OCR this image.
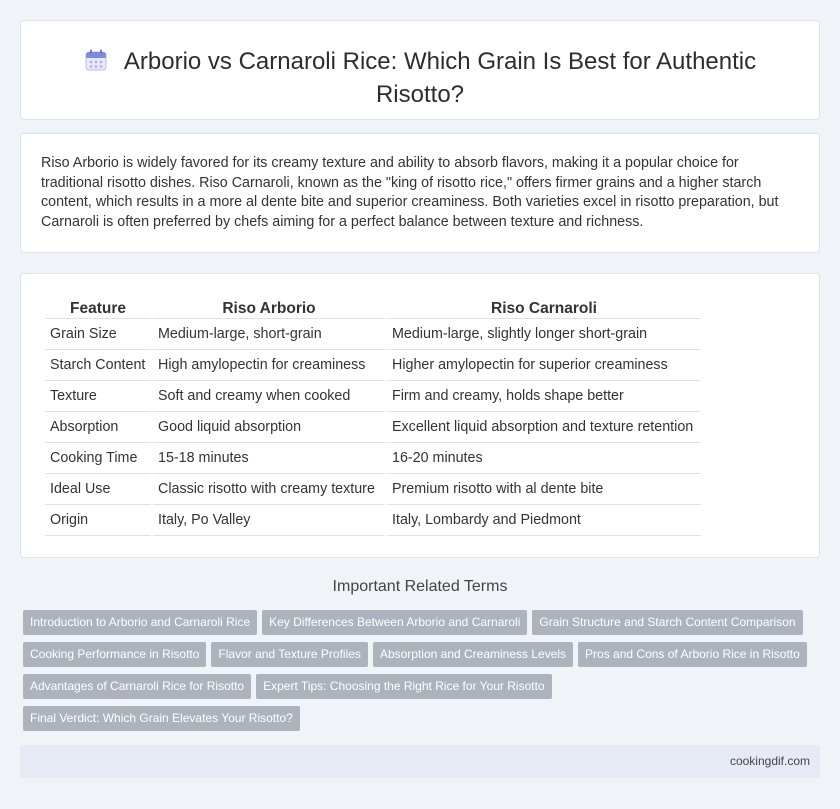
Arborio vs Carnaroli Rice: Which Grain Is Best for Authentic Risotto?

Riso Arborio is widely favored for its creamy texture and ability to absorb flavors, making it a popular choice for traditional risotto dishes. Riso Carnaroli, known as the "king of risotto rice," offers firmer grains and a higher starch content, which results in a more al dente bite and superior creaminess. Both varieties excel in risotto preparation, but Carnaroli is often preferred by chefs aiming for a perfect balance between texture and richness.

Feature	Riso Arborio	Riso Carnaroli
Grain Size	Medium-large, short-grain	Medium-large, slightly longer short-grain
Starch Content	High amylopectin for creaminess	Higher amylopectin for superior creaminess
Texture	Soft and creamy when cooked	Firm and creamy, holds shape better
Absorption	Good liquid absorption	Excellent liquid absorption and texture retention
Cooking Time	15-18 minutes	16-20 minutes
Ideal Use	Classic risotto with creamy texture	Premium risotto with al dente bite
Origin	Italy, Po Valley	Italy, Lombardy and Piedmont
Important Related Terms
Introduction to Arborio and Carnaroli Rice Key Differences Between Arborio and Carnaroli Grain Structure and Starch Content Comparison
Cooking Performance in Risotto Flavor and Texture Profiles Absorption and Creaminess Levels Pros and Cons of Arborio Rice in Risotto
Advantages of Carnaroli Rice for Risotto Expert Tips: Choosing the Right Rice for Your Risotto
Final Verdict: Which Grain Elevates Your Risotto?
cookingdif.com
